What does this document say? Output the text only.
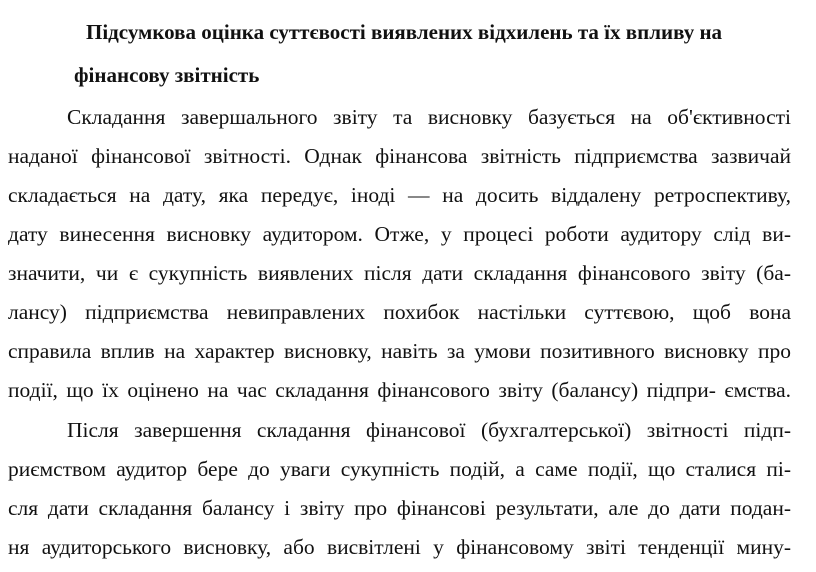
Підсумкова оцінка суттєвості виявлених відхилень та їх впливу на
фінансову звітність
Складання завершального звіту та висновку базується на об'єктивності
наданої фінансової звітності. Однак фінансова звітність підприємства зазвичай
складається на дату, яка передує, іноді — на досить віддалену ретроспективу,
дату винесення висновку аудитором. Отже, у процесі роботи аудитору слід ви-
значити, чи є сукупність виявлених після дати складання фінансового звіту (ба-
лансу) підприємства невиправлених похибок настільки суттєвою, щоб вона
справила вплив на характер висновку, навіть за умови позитивного висновку про
події, що їх оцінено на час складання фінансового звіту (балансу) підпри- ємства.
Після завершення складання фінансової (бухгалтерської) звітності підп-
риємством аудитор бере до уваги сукупність подій, а саме події, що сталися пі-
сля дати складання балансу і звіту про фінансові результати, але до дати подан-
ня аудиторського висновку, або висвітлені у фінансовому звіті тенденції мину-
